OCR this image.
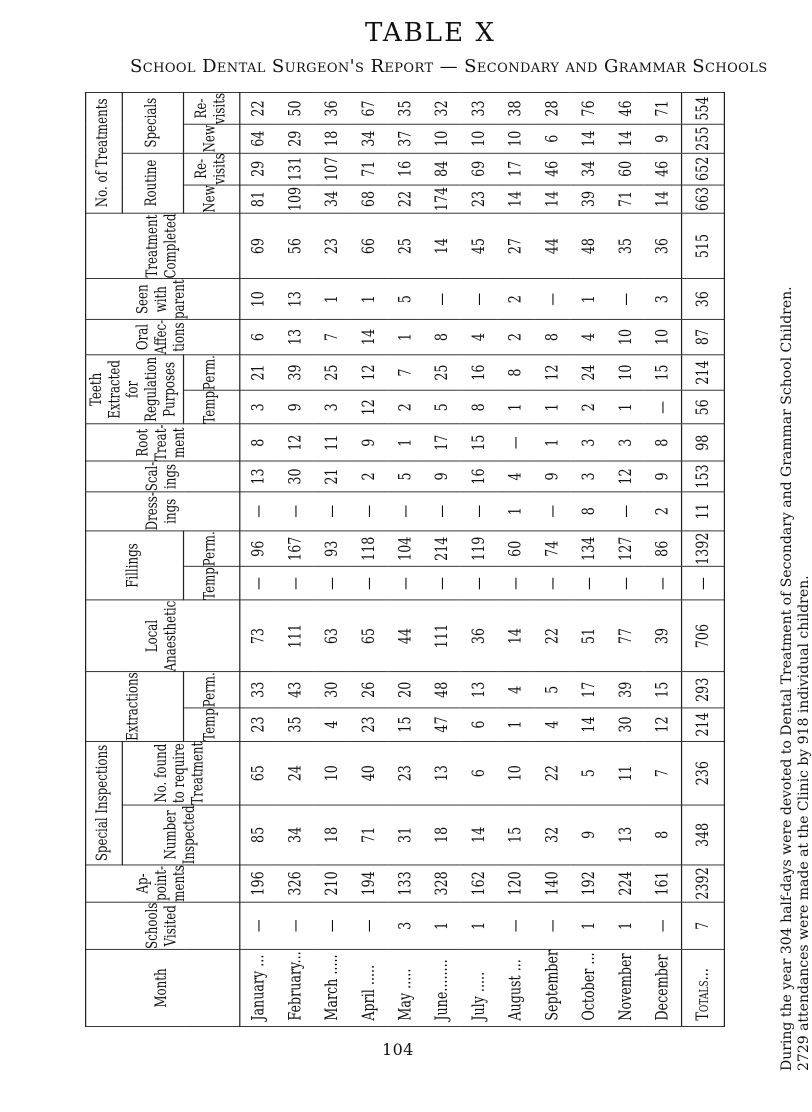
TABLE X
School Dental Surgeon's Report — Secondary and Grammar Schools
Month	Schools Visited	Ap-point-ments	Special Inspections		Extractions		Local Anaesthetic	Fillings		Dress-ings	Scal-ings	Root Treat-ment	Teeth Extracted for Regulation Purposes		Oral Affec-tions	Seen with parent	Treatment Completed	No. of Treatments			
			Number Inspected	No. found to require Treatment														Routine		Specials	
					Temp	Perm.		Temp	Perm.				Temp	Perm.				New	Re-visits	New	Re-visits
January ...	—	196	85	65	23	33	73	—	96	—	13	8	3	21	6	10	69	81	29	64	22
February...	—	326	34	24	35	43	111	—	167	—	30	12	9	39	13	13	56	109	131	29	50
March .....	—	210	18	10	4	30	63	—	93	—	21	11	3	25	7	1	23	34	107	18	36
April .....	—	194	71	40	23	26	65	—	118	—	2	9	12	12	14	1	66	68	71	34	67
May .....	3	133	31	23	15	20	44	—	104	—	5	1	2	7	1	5	25	22	16	37	35
June........	1	328	18	13	47	48	111	—	214	—	9	17	5	25	8	—	14	174	84	10	32
July .....	1	162	14	6	6	13	36	—	119	—	16	15	8	16	4	—	45	23	69	10	33
August ...	—	120	15	10	1	4	14	—	60	1	4	—	1	8	2	2	27	14	17	10	38
September	—	140	32	22	4	5	22	—	74	—	9	1	1	12	8	—	44	14	46	6	28
October ...	1	192	9	5	14	17	51	—	134	8	3	3	2	24	4	1	48	39	34	14	76
November	1	224	13	11	30	39	77	—	127	—	12	3	1	10	10	—	35	71	60	14	46
December	—	161	8	7	12	15	39	—	86	2	9	8	—	15	10	3	36	14	46	9	71
Totals...	7	2392	348	236	214	293	706	—	1392	11	153	98	56	214	87	36	515	663	652	255	554
During the year 304 half-days were devoted to Dental Treatment of Secondary and Grammar School Children. 2729 attendances were made at the Clinic by 918 individual children.
104
